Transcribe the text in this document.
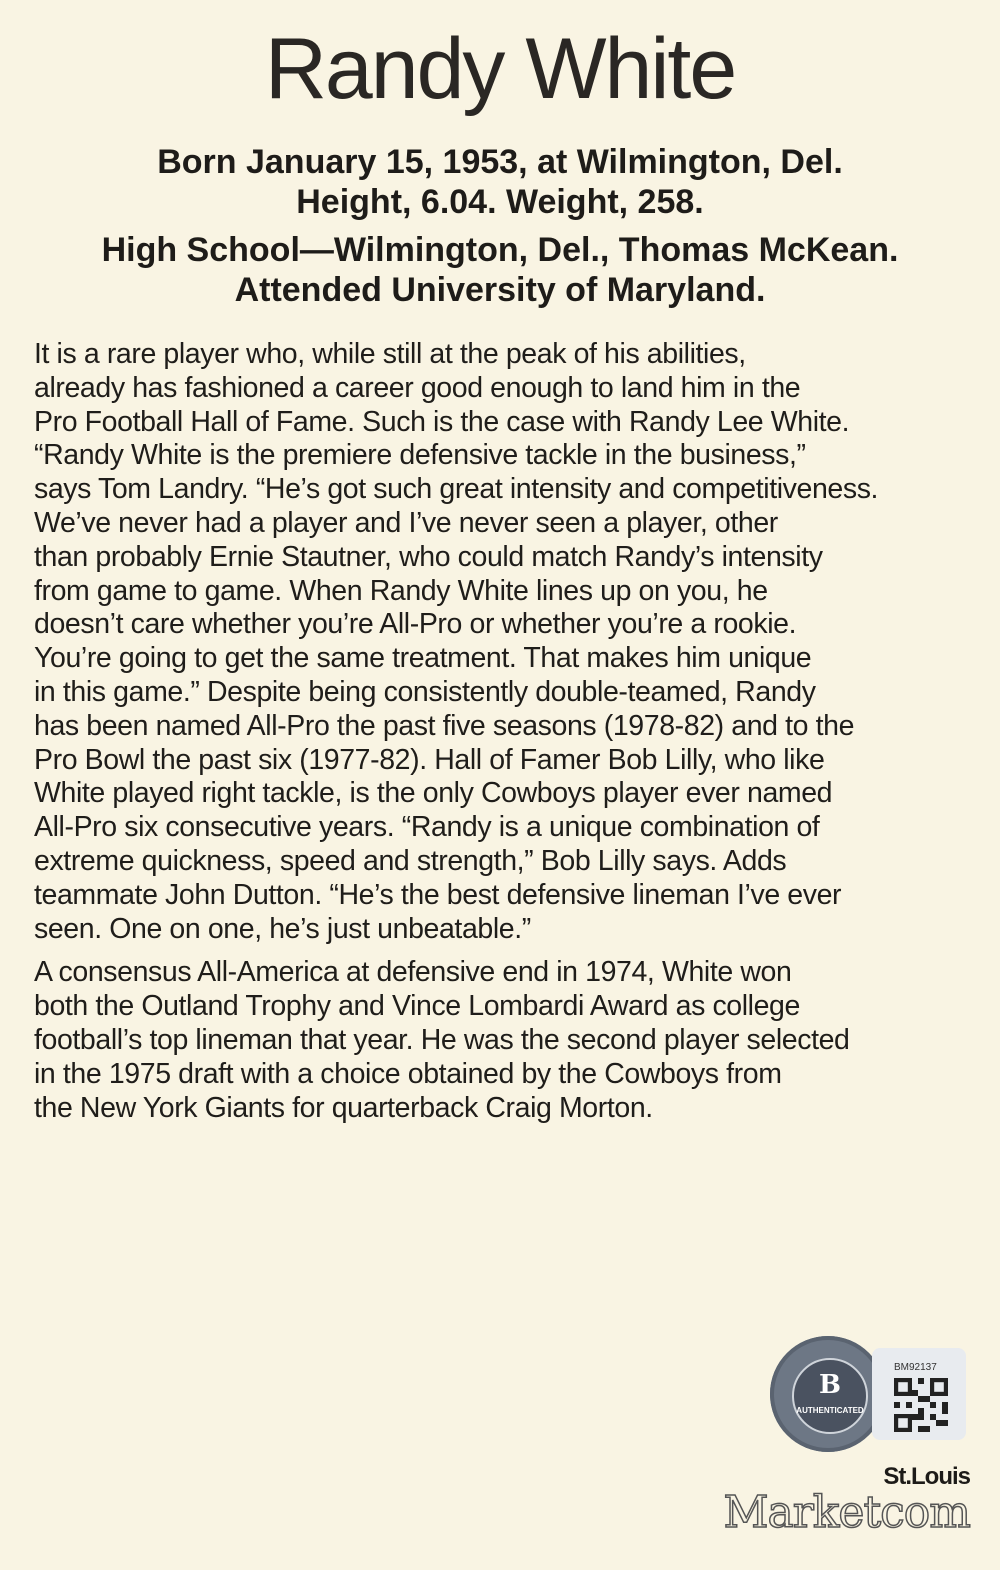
Randy White
Born January 15, 1953, at Wilmington, Del.
Height, 6.04. Weight, 258.
High School—Wilmington, Del., Thomas McKean.
Attended University of Maryland.

It is a rare player who, while still at the peak of his abilities,
already has fashioned a career good enough to land him in the
Pro Football Hall of Fame. Such is the case with Randy Lee White.
“Randy White is the premiere defensive tackle in the business,”
says Tom Landry. “He’s got such great intensity and competitiveness.
We’ve never had a player and I’ve never seen a player, other
than probably Ernie Stautner, who could match Randy’s intensity
from game to game. When Randy White lines up on you, he
doesn’t care whether you’re All-Pro or whether you’re a rookie.
You’re going to get the same treatment. That makes him unique
in this game.” Despite being consistently double-teamed, Randy
has been named All-Pro the past five seasons (1978-82) and to the
Pro Bowl the past six (1977-82). Hall of Famer Bob Lilly, who like
White played right tackle, is the only Cowboys player ever named
All-Pro six consecutive years. “Randy is a unique combination of
extreme quickness, speed and strength,” Bob Lilly says. Adds
teammate John Dutton. “He’s the best defensive lineman I’ve ever
seen. One on one, he’s just unbeatable.”

A consensus All-America at defensive end in 1974, White won
both the Outland Trophy and Vince Lombardi Award as college
football’s top lineman that year. He was the second player selected
in the 1975 draft with a choice obtained by the Cowboys from
the New York Giants for quarterback Craig Morton.

B
AUTHENTICATED
BM92137
St.Louis
Marketcom
